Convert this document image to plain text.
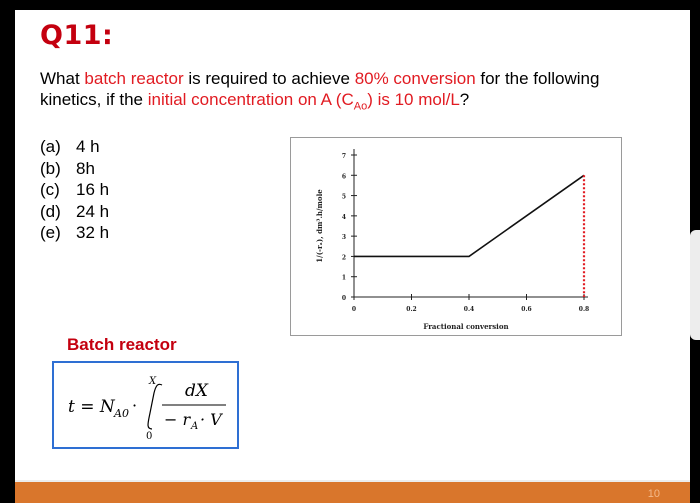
Q11:
What batch reactor is required to achieve 80% conversion for the following kinetics, if the initial concentration on A $(C_{Ao})$ is 10 mol/L?
(a) 4 h
(b) 8h
(c) 16 h
(d) 24 h
(e) 32 h
0
1
2
3
4
5
6
7
0	0.2	0.4	0.6	0.8
Fractional conversion
1/(-rₐ), dm³.h/mole
Batch reactor
t = N A0 ·
X
0
dX
− r A · V
10
